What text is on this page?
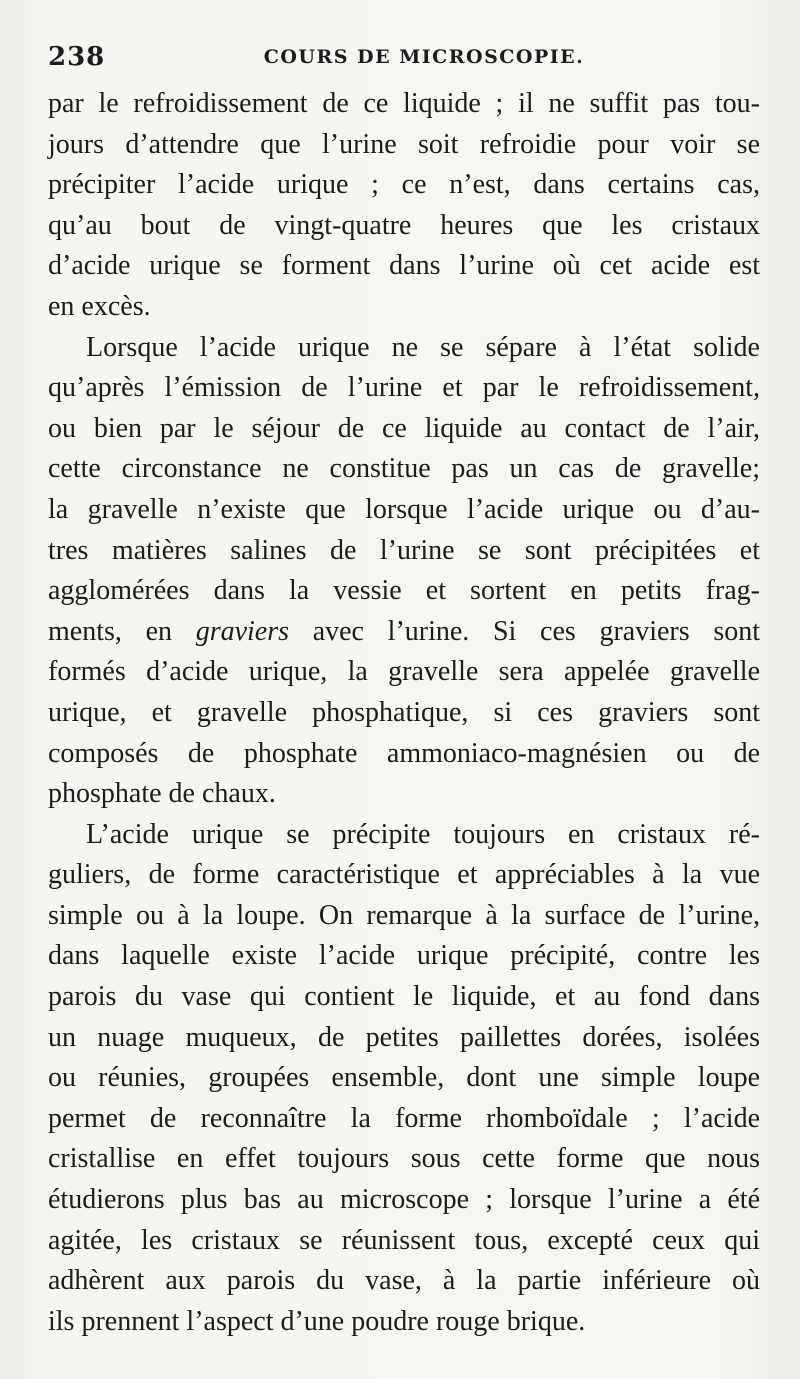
238	COURS DE MICROSCOPIE.
par le refroidissement de ce liquide ; il ne suffit pas tou-
jours d’attendre que l’urine soit refroidie pour voir se
précipiter l’acide urique ; ce n’est, dans certains cas,
qu’au bout de vingt-quatre heures que les cristaux
d’acide urique se forment dans l’urine où cet acide est
en excès.
Lorsque l’acide urique ne se sépare à l’état solide
qu’après l’émission de l’urine et par le refroidissement,
ou bien par le séjour de ce liquide au contact de l’air,
cette circonstance ne constitue pas un cas de gravelle;
la gravelle n’existe que lorsque l’acide urique ou d’au-
tres matières salines de l’urine se sont précipitées et
agglomérées dans la vessie et sortent en petits frag-
ments, en graviers avec l’urine. Si ces graviers sont
formés d’acide urique, la gravelle sera appelée gravelle
urique, et gravelle phosphatique, si ces graviers sont
composés de phosphate ammoniaco-magnésien ou de
phosphate de chaux.
L’acide urique se précipite toujours en cristaux ré-
guliers, de forme caractéristique et appréciables à la vue
simple ou à la loupe. On remarque à la surface de l’urine,
dans laquelle existe l’acide urique précipité, contre les
parois du vase qui contient le liquide, et au fond dans
un nuage muqueux, de petites paillettes dorées, isolées
ou réunies, groupées ensemble, dont une simple loupe
permet de reconnaître la forme rhomboïdale ; l’acide
cristallise en effet toujours sous cette forme que nous
étudierons plus bas au microscope ; lorsque l’urine a été
agitée, les cristaux se réunissent tous, excepté ceux qui
adhèrent aux parois du vase, à la partie inférieure où
ils prennent l’aspect d’une poudre rouge brique.
